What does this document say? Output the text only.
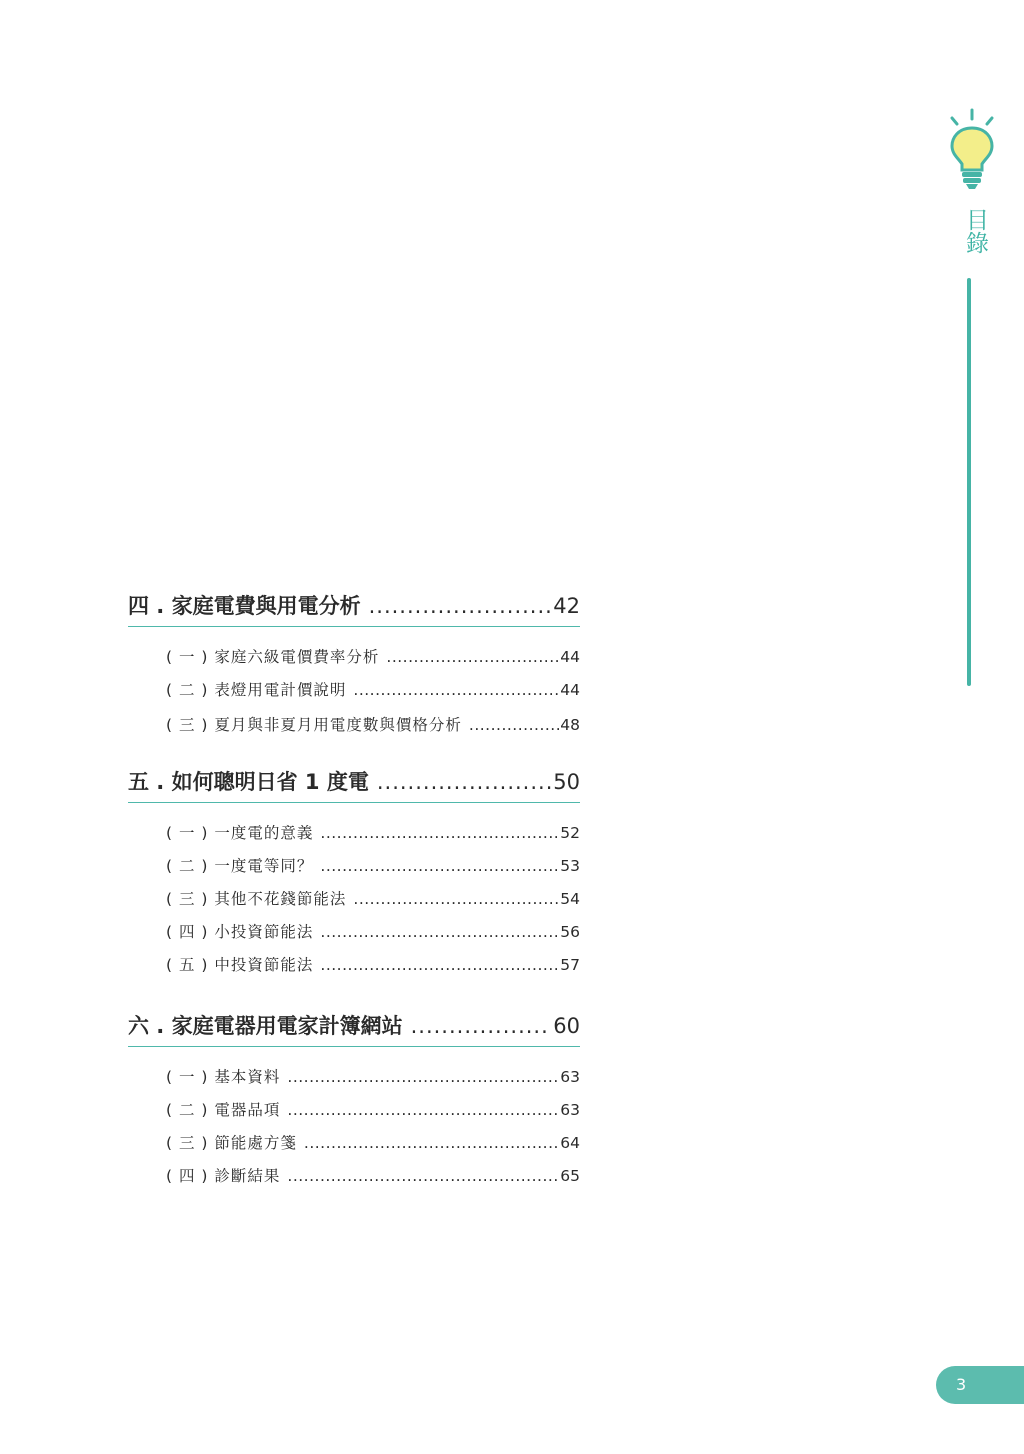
目錄
四 . 家庭電費與用電分析 .....	42
( 一 ) 家庭六級電價費率分析 .....	44
( 二 ) 表燈用電計價說明 .....	44
( 三 ) 夏月與非夏月用電度數與價格分析 .....	48
五 . 如何聰明日省 1 度電 .....	50
( 一 ) 一度電的意義 .....	52
( 二 ) 一度電等同？ .....	53
( 三 ) 其他不花錢節能法 .....	54
( 四 ) 小投資節能法 .....	56
( 五 ) 中投資節能法 .....	57
六 . 家庭電器用電家計簿網站 .....	60
( 一 ) 基本資料 .....	63
( 二 ) 電器品項 .....	63
( 三 ) 節能處方箋 .....	64
( 四 ) 診斷結果 .....	65
3
